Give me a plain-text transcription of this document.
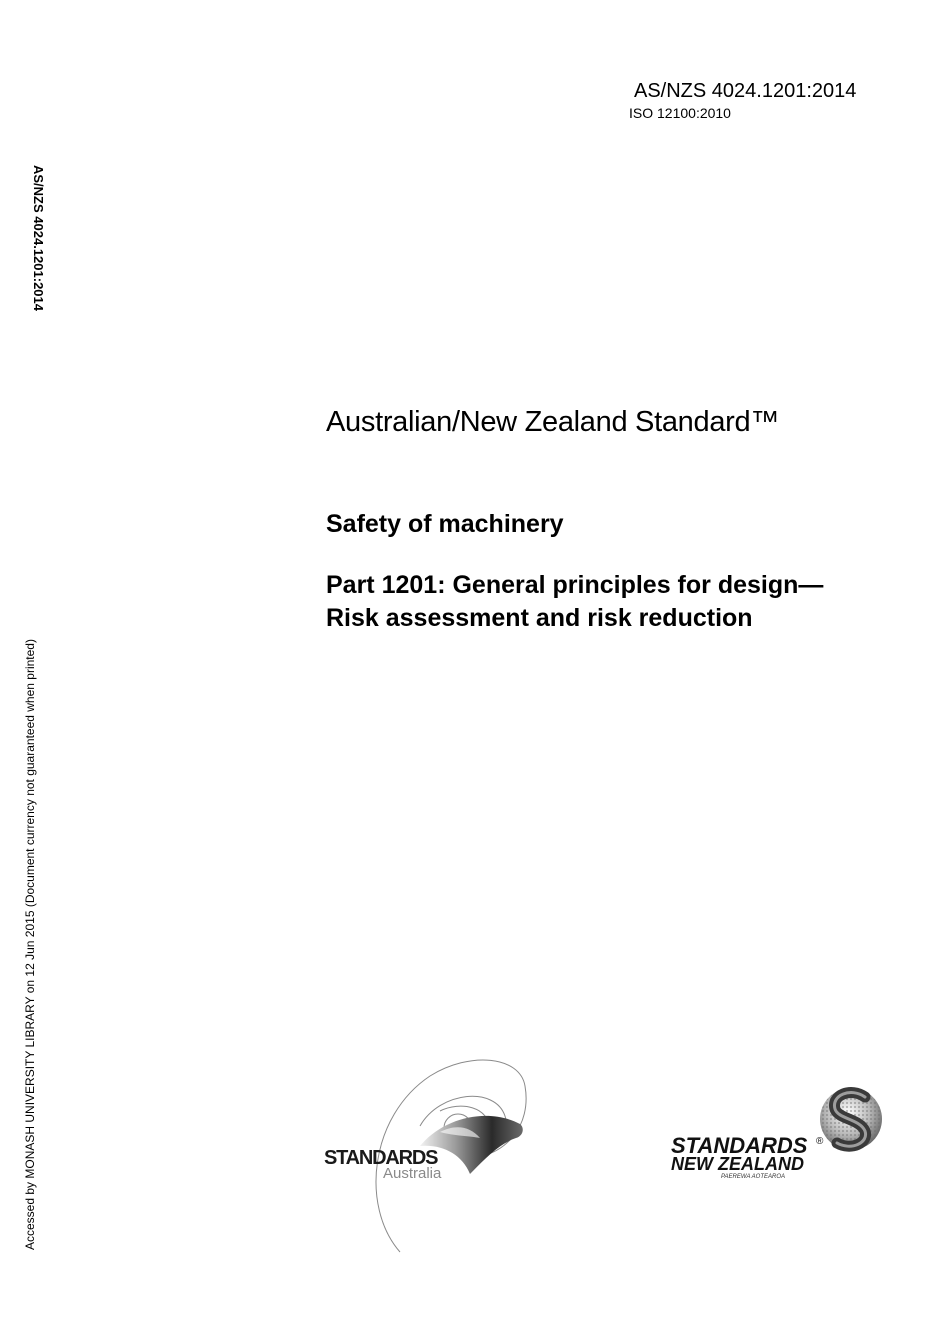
AS/NZS 4024.1201:2014
ISO 12100:2010
AS/NZS 4024.1201:2014
Accessed by MONASH UNIVERSITY LIBRARY on 12 Jun 2015 (Document currency not guaranteed when printed)
Australian/New Zealand Standard™
Safety of machinery
Part 1201: General principles for design—Risk assessment and risk reduction
STANDARDS
Australia
STANDARDS ®
NEW ZEALAND
PAEREWA AOTEAROA
